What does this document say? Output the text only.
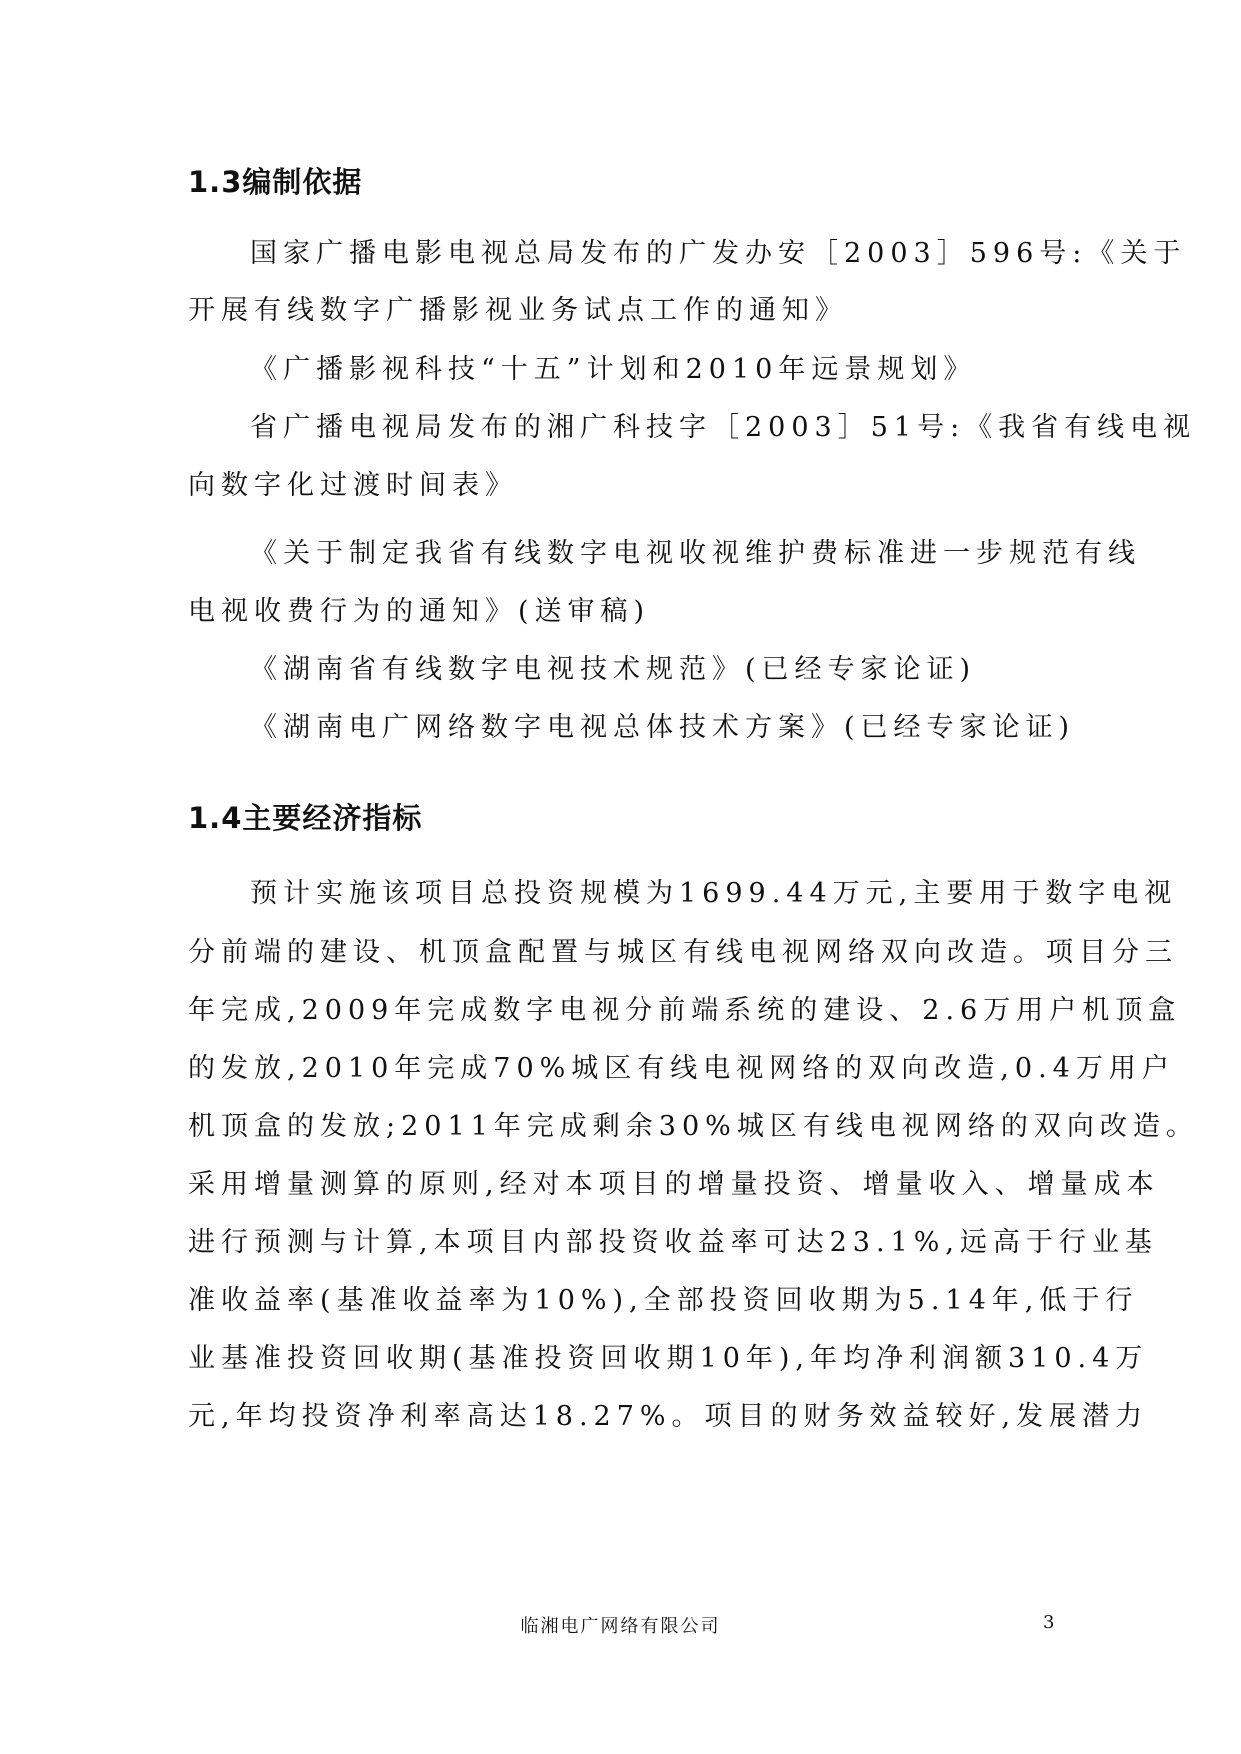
1.3编制依据
国家广播电影电视总局发布的广发办安［2003］596号:《关于
开展有线数字广播影视业务试点工作的通知》
《广播影视科技“十五”计划和2010年远景规划》
省广播电视局发布的湘广科技字［2003］51号:《我省有线电视
向数字化过渡时间表》
《关于制定我省有线数字电视收视维护费标准进一步规范有线
电视收费行为的通知》(送审稿)
《湖南省有线数字电视技术规范》(已经专家论证)
《湖南电广网络数字电视总体技术方案》(已经专家论证)
1.4主要经济指标
预计实施该项目总投资规模为1699.44万元,主要用于数字电视
分前端的建设、机顶盒配置与城区有线电视网络双向改造。项目分三
年完成,2009年完成数字电视分前端系统的建设、2.6万用户机顶盒
的发放,2010年完成70%城区有线电视网络的双向改造,0.4万用户
机顶盒的发放;2011年完成剩余30%城区有线电视网络的双向改造。
采用增量测算的原则,经对本项目的增量投资、增量收入、增量成本
进行预测与计算,本项目内部投资收益率可达23.1%,远高于行业基
准收益率(基准收益率为10%),全部投资回收期为5.14年,低于行
业基准投资回收期(基准投资回收期10年),年均净利润额310.4万
元,年均投资净利率高达18.27%。项目的财务效益较好,发展潜力
临湘电广网络有限公司	3
